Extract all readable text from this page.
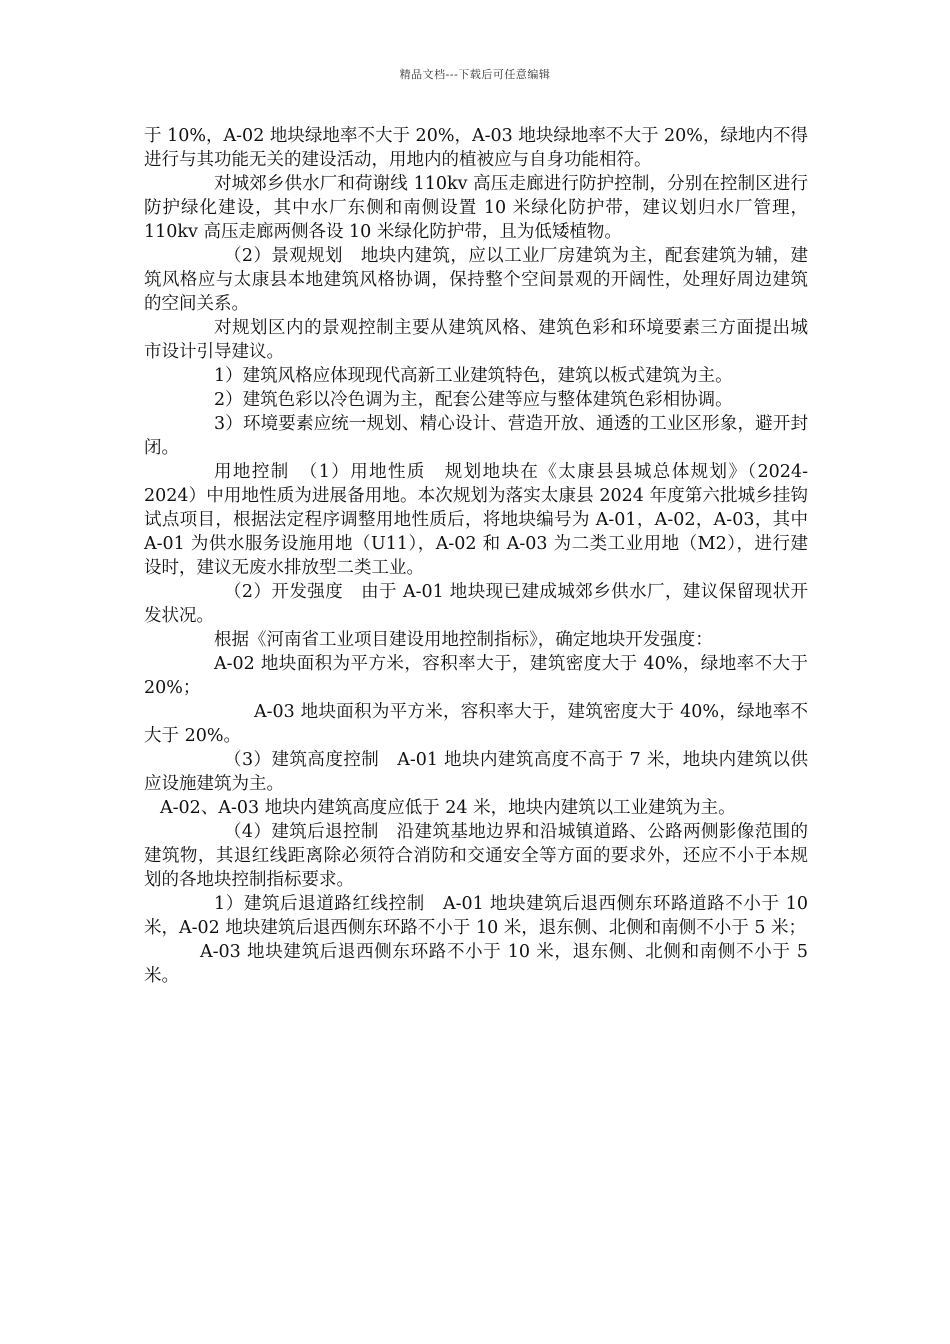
精品文档---下载后可任意编辑

于 10%，A-02 地块绿地率不大于 20%，A-03 地块绿地率不大于 20%，绿地内不得进行与其功能无关的建设活动，用地内的植被应与自身功能相符。

对城郊乡供水厂和荷谢线 110kv 高压走廊进行防护控制，分别在控制区进行防护绿化建设，其中水厂东侧和南侧设置 10 米绿化防护带，建议划归水厂管理，110kv 高压走廊两侧各设 10 米绿化防护带，且为低矮植物。

（2）景观规划　地块内建筑，应以工业厂房建筑为主，配套建筑为辅，建筑风格应与太康县本地建筑风格协调，保持整个空间景观的开阔性，处理好周边建筑的空间关系。

对规划区内的景观控制主要从建筑风格、建筑色彩和环境要素三方面提出城市设计引导建议。

1）建筑风格应体现现代高新工业建筑特色，建筑以板式建筑为主。

2）建筑色彩以冷色调为主，配套公建等应与整体建筑色彩相协调。

3）环境要素应统一规划、精心设计、营造开放、通透的工业区形象，避开封闭。

用地控制　（1）用地性质　规划地块在《太康县县城总体规划》（2024-2024）中用地性质为进展备用地。本次规划为落实太康县 2024 年度第六批城乡挂钩试点项目，根据法定程序调整用地性质后，将地块编号为 A-01，A-02，A-03，其中 A-01 为供水服务设施用地（U11），A-02 和 A-03 为二类工业用地（M2），进行建设时，建议无废水排放型二类工业。

（2）开发强度　由于 A-01 地块现已建成城郊乡供水厂，建议保留现状开发状况。

根据《河南省工业项目建设用地控制指标》，确定地块开发强度：

A-02 地块面积为平方米，容积率大于，建筑密度大于 40%，绿地率不大于 20%；

A-03 地块面积为平方米，容积率大于，建筑密度大于 40%，绿地率不大于 20%。

（3）建筑高度控制　A-01 地块内建筑高度不高于 7 米，地块内建筑以供应设施建筑为主。

A-02、A-03 地块内建筑高度应低于 24 米，地块内建筑以工业建筑为主。

（4）建筑后退控制　沿建筑基地边界和沿城镇道路、公路两侧影像范围的建筑物，其退红线距离除必须符合消防和交通安全等方面的要求外，还应不小于本规划的各地块控制指标要求。

1）建筑后退道路红线控制　A-01 地块建筑后退西侧东环路道路不小于 10 米，A-02 地块建筑后退西侧东环路不小于 10 米，退东侧、北侧和南侧不小于 5 米；

A-03 地块建筑后退西侧东环路不小于 10 米，退东侧、北侧和南侧不小于 5 米。
